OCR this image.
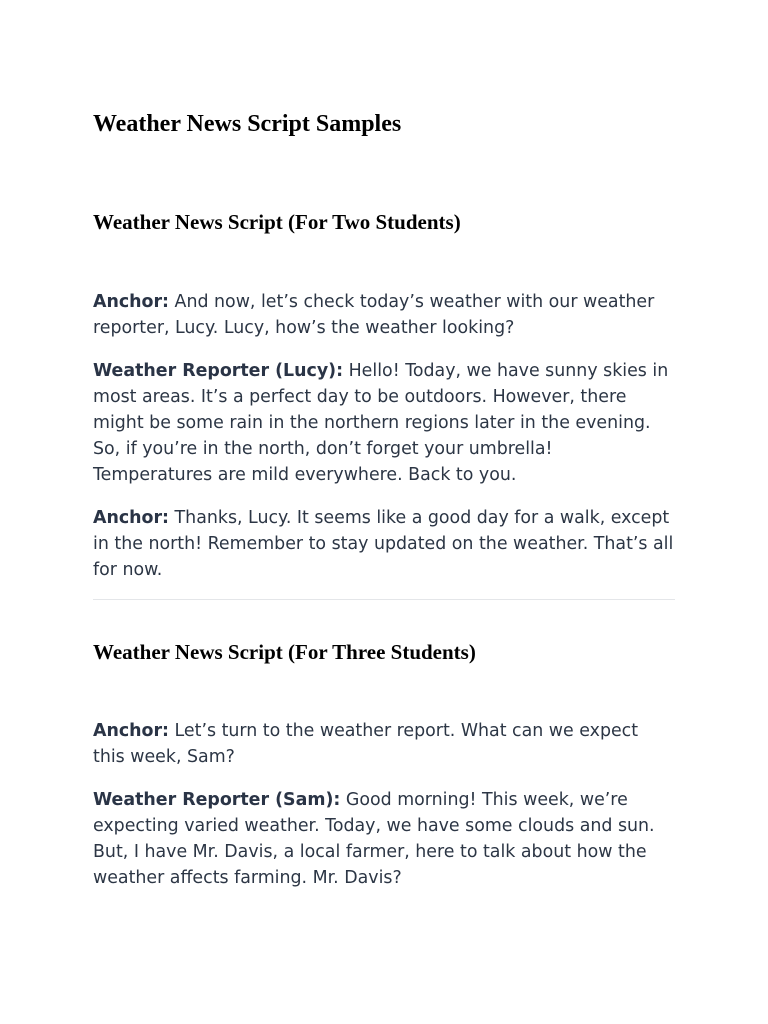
Weather News Script Samples
Weather News Script (For Two Students)

Anchor: And now, let’s check today’s weather with our weather reporter, Lucy. Lucy, how’s the weather looking?

Weather Reporter (Lucy): Hello! Today, we have sunny skies in most areas. It’s a perfect day to be outdoors. However, there might be some rain in the northern regions later in the evening. So, if you’re in the north, don’t forget your umbrella! Temperatures are mild everywhere. Back to you.

Anchor: Thanks, Lucy. It seems like a good day for a walk, except in the north! Remember to stay updated on the weather. That’s all for now.

Weather News Script (For Three Students)

Anchor: Let’s turn to the weather report. What can we expect this week, Sam?

Weather Reporter (Sam): Good morning! This week, we’re expecting varied weather. Today, we have some clouds and sun. But, I have Mr. Davis, a local farmer, here to talk about how the weather affects farming. Mr. Davis?
